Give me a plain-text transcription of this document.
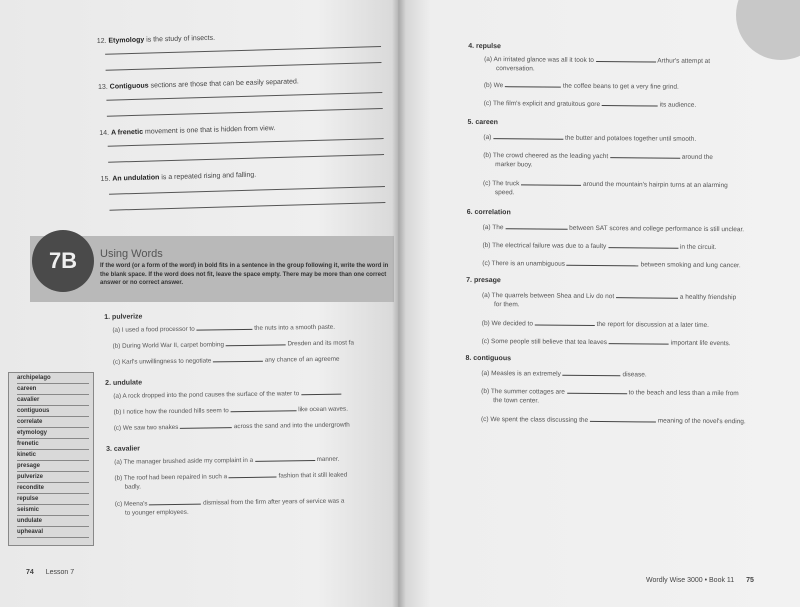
12. Etymology is the study of insects.
13. Contiguous sections are those that can be easily separated.
14. A frenetic movement is one that is hidden from view.
15. An undulation is a repeated rising and falling.
7B	Using Words
If the word (or a form of the word) in bold fits in a sentence in the group following it, write the word in the blank space. If the word does not fit, leave the space empty. There may be more than one correct answer or no correct answer.
1. pulverize
(a) I used a food processor to	the nuts into a smooth paste.
(b) During World War II, carpet bombing	Dresden and its most fa
(c) Karl's unwillingness to negotiate	any chance of an agreeme
2. undulate
(a) A rock dropped into the pond causes the surface of the water to
(b) I notice how the rounded hills seem to	like ocean waves.
(c) We saw two snakes	across the sand and into the undergrowth
3. cavalier
(a) The manager brushed aside my complaint in a	manner.
(b) The roof had been repaired in such a	fashion that it still leaked
badly.
(c) Meena's	dismissal from the firm after years of service was a
to younger employees.
archipelago
careen
cavalier
contiguous
correlate
etymology
frenetic
kinetic
presage
pulverize
recondite
repulse
seismic
undulate
upheaval
74 Lesson 7
4. repulse
(a) An irritated glance was all it took to	Arthur's attempt at
conversation.
(b) We	the coffee beans to get a very fine grind.
(c) The film's explicit and gratuitous gore	its audience.
5. careen
(a)	the butter and potatoes together until smooth.
(b) The crowd cheered as the leading yacht	around the
marker buoy.
(c) The truck	around the mountain's hairpin turns at an alarming
speed.
6. correlation
(a) The	between SAT scores and college performance is still unclear.
(b) The electrical failure was due to a faulty	in the circuit.
(c) There is an unambiguous	between smoking and lung cancer.
7. presage
(a) The quarrels between Shea and Liv do not	a healthy friendship
for them.
(b) We decided to	the report for discussion at a later time.
(c) Some people still believe that tea leaves	important life events.
8. contiguous
(a) Measles is an extremely	disease.
(b) The summer cottages are	to the beach and less than a mile from
the town center.
(c) We spent the class discussing the	meaning of the novel's ending.
Wordly Wise 3000 • Book 11 75
